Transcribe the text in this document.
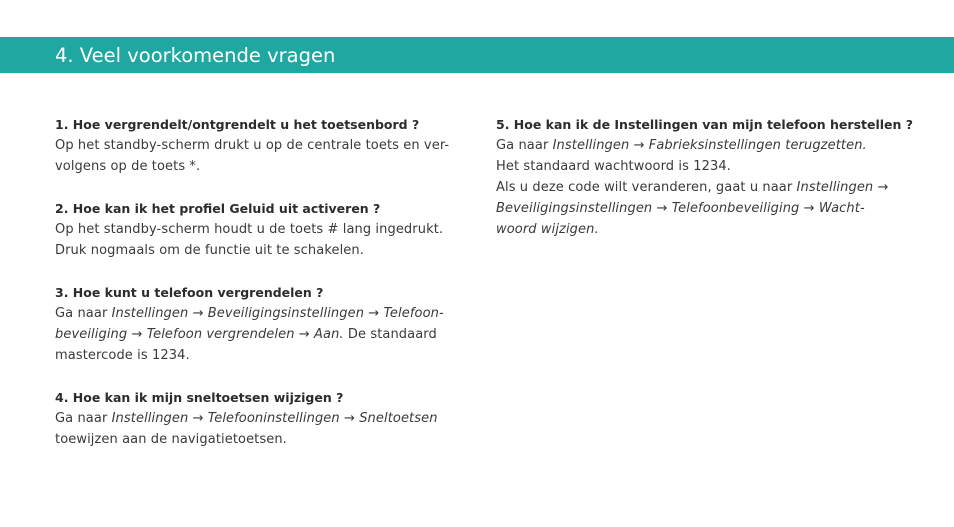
4. Veel voorkomende vragen
1. Hoe vergrendelt/ontgrendelt u het toetsenbord ?
Op het standby-scherm drukt u op de centrale toets en ver-
volgens op de toets *.
2. Hoe kan ik het profiel Geluid uit activeren ?
Op het standby-scherm houdt u de toets # lang ingedrukt.
Druk nogmaals om de functie uit te schakelen.
3. Hoe kunt u telefoon vergrendelen ?
Ga naar Instellingen → Beveiligingsinstellingen → Telefoon-
beveiliging → Telefoon vergrendelen → Aan. De standaard
mastercode is 1234.
4. Hoe kan ik mijn sneltoetsen wijzigen ?
Ga naar Instellingen → Telefooninstellingen → Sneltoetsen
toewijzen aan de navigatietoetsen.
5. Hoe kan ik de Instellingen van mijn telefoon herstellen ?
Ga naar Instellingen → Fabrieksinstellingen terugzetten.
Het standaard wachtwoord is 1234.
Als u deze code wilt veranderen, gaat u naar Instellingen →
Beveiligingsinstellingen → Telefoonbeveiliging → Wacht-
woord wijzigen.
